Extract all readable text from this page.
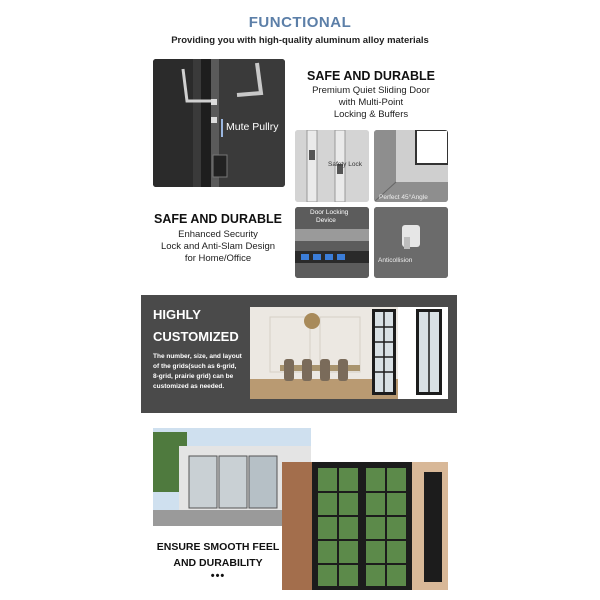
FUNCTIONAL
Providing you with high-quality aluminum alloy materials
Mute Pullry
SAFE AND DURABLE
Premium Quiet Sliding Door
with Multi-Point
Locking & Buffers
Safety Lock
Perfect 45°Angle
SAFE AND DURABLE
Enhanced Security
Lock and Anti-Slam Design
for Home/Office
Door Locking
Device
Anticollision
HIGHLY
CUSTOMIZED
The number, size, and layout
of the grids(such as 6-grid,
8-grid, prairie grid) can be
customized as needed.
ENSURE SMOOTH FEEL
AND DURABILITY
•••
